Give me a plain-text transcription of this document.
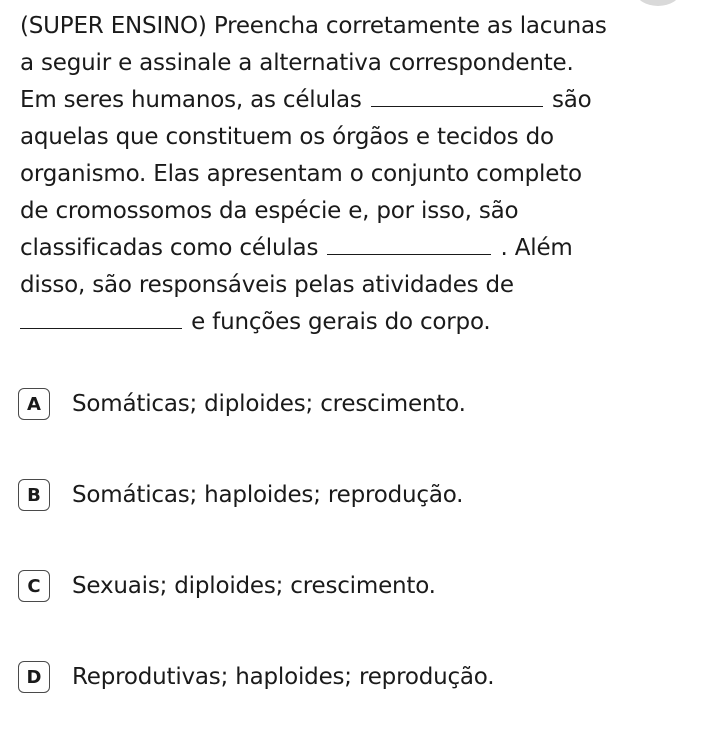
(SUPER ENSINO) Preencha corretamente as lacunas
a seguir e assinale a alternativa correspondente.
Em seres humanos, as células	são
aquelas que constituem os órgãos e tecidos do
organismo. Elas apresentam o conjunto completo
de cromossomos da espécie e, por isso, são
classificadas como células	. Além
disso, são responsáveis pelas atividades de
e funções gerais do corpo.
A	Somáticas; diploides; crescimento.
B	Somáticas; haploides; reprodução.
C	Sexuais; diploides; crescimento.
D	Reprodutivas; haploides; reprodução.
